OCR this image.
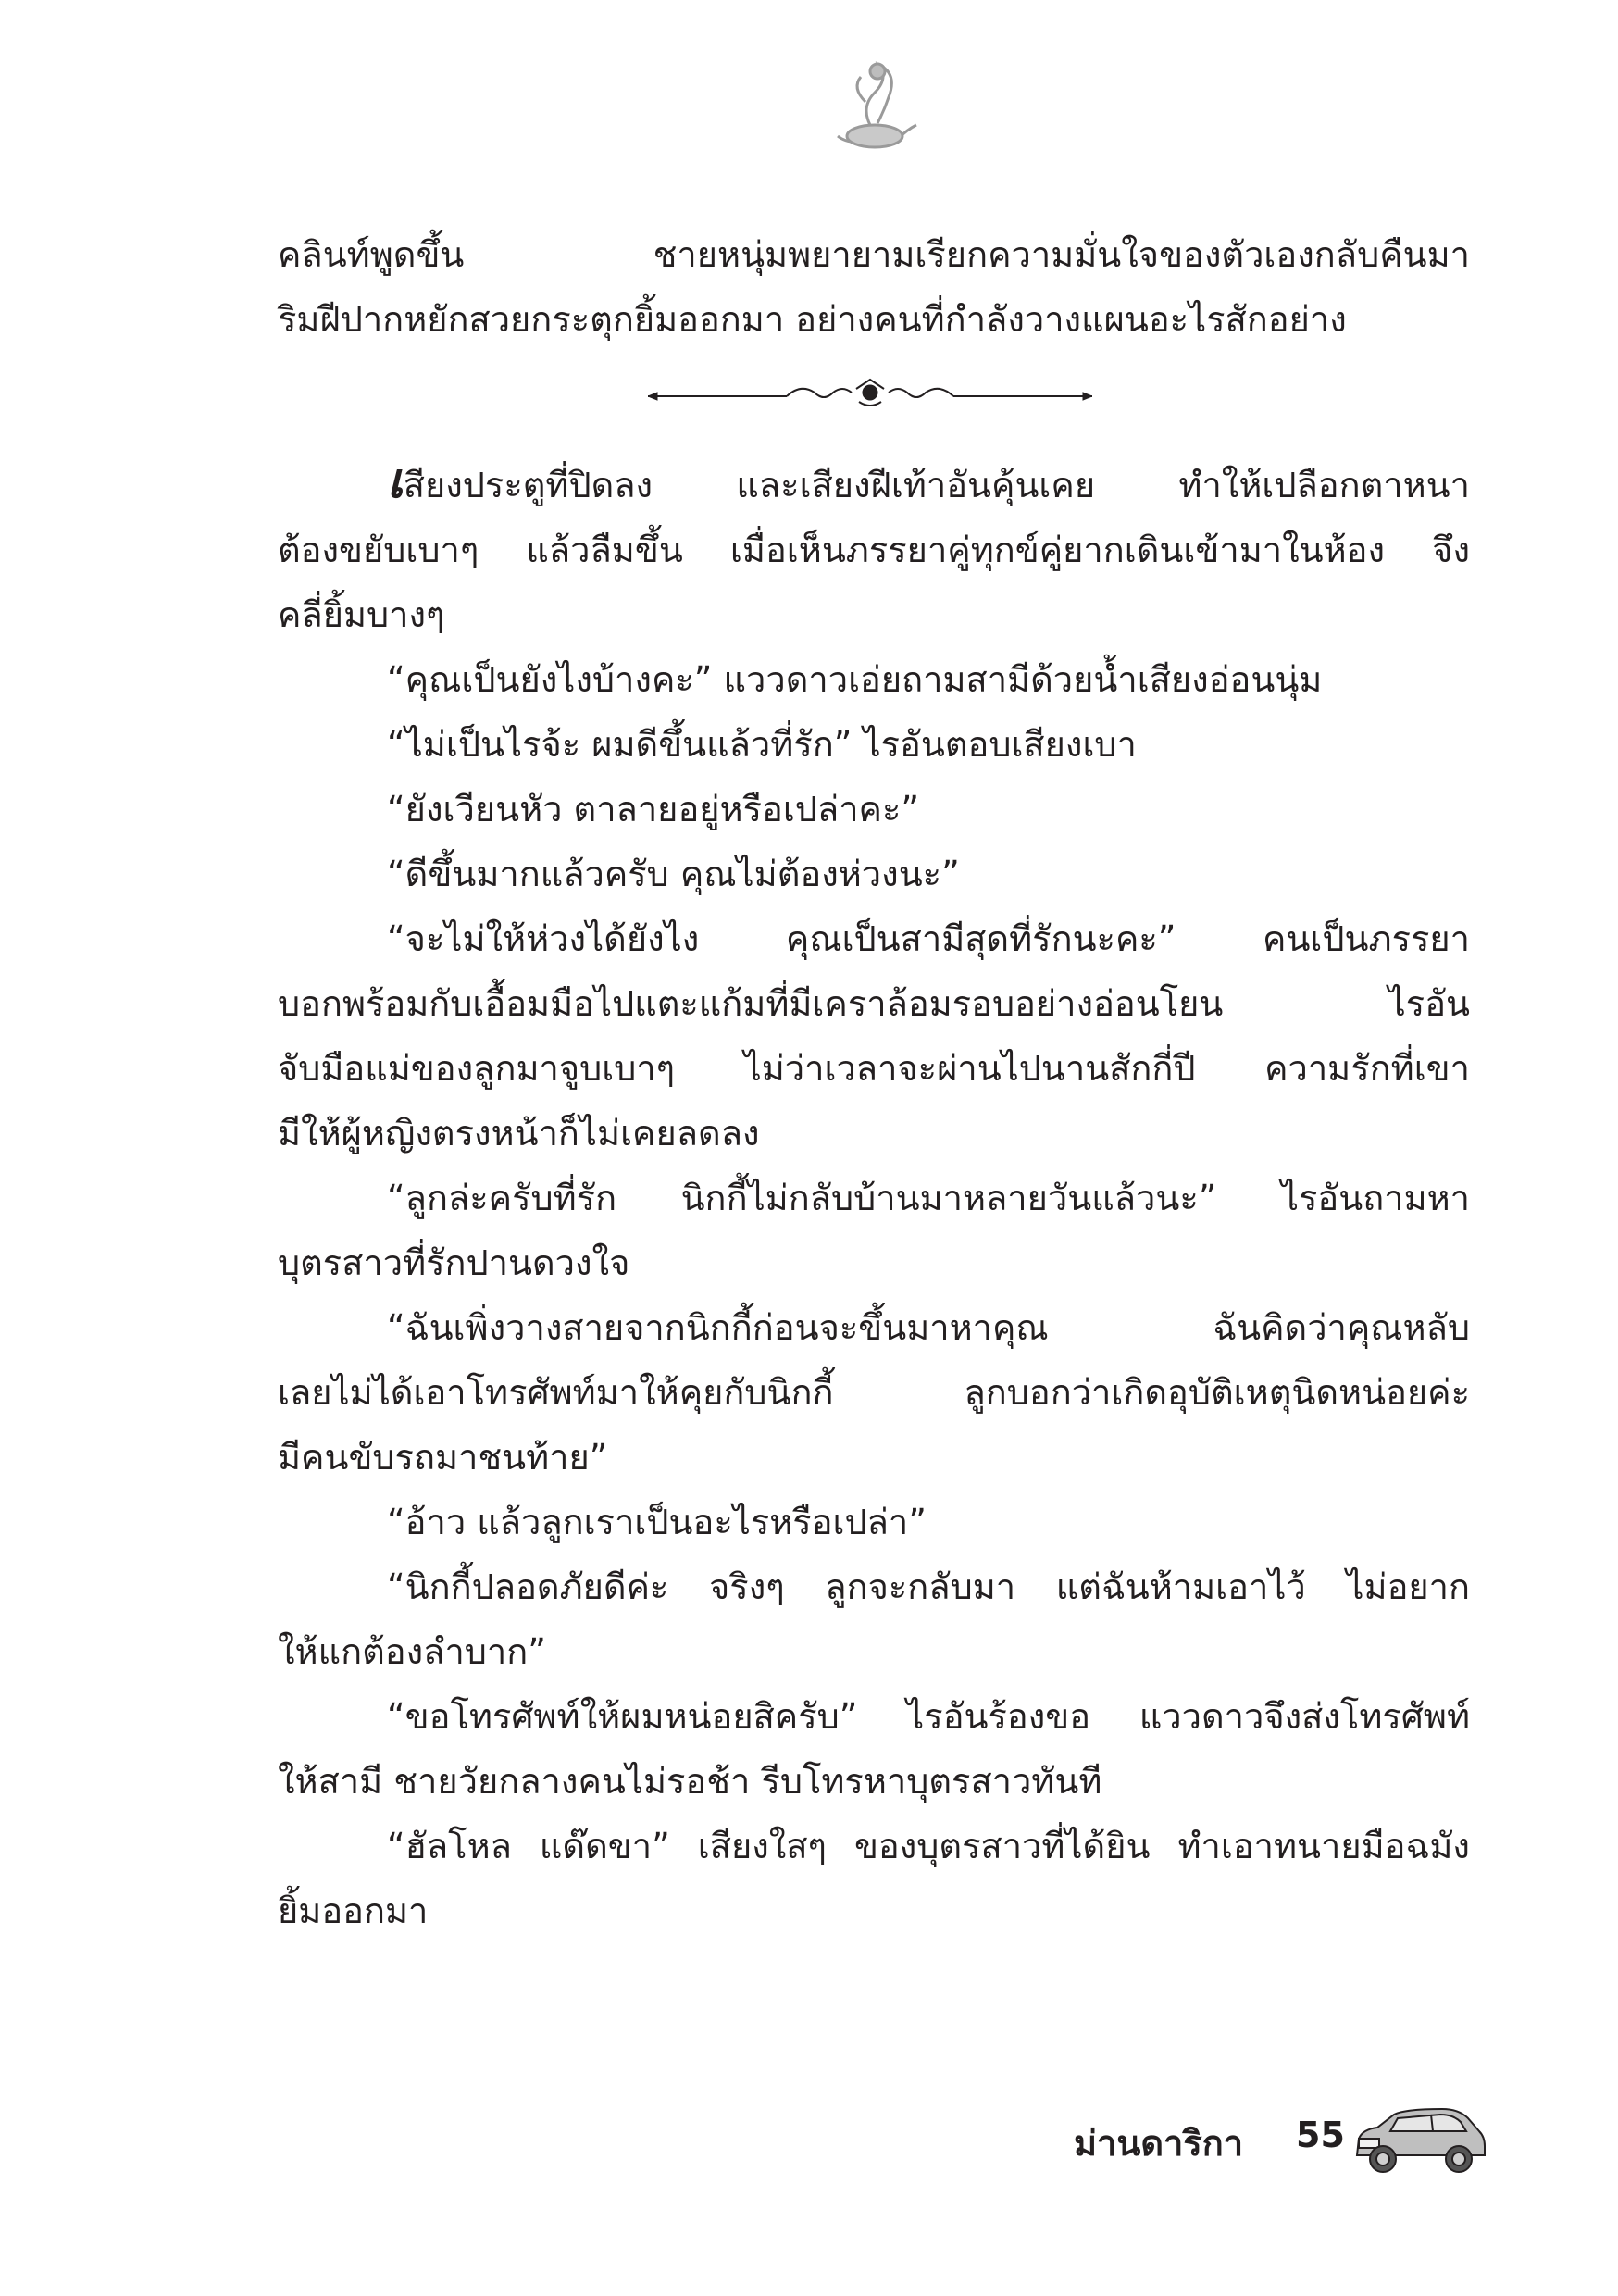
คลินท์พูดขึ้น ชายหนุ่มพยายามเรียกความมั่นใจของตัวเองกลับคืนมา
ริมฝีปากหยักสวยกระตุกยิ้มออกมา อย่างคนที่กำลังวางแผนอะไรสักอย่าง
เสียงประตูที่ปิดลง และเสียงฝีเท้าอันคุ้นเคย ทำให้เปลือกตาหนา
ต้องขยับเบาๆ แล้วลืมขึ้น เมื่อเห็นภรรยาคู่ทุกข์คู่ยากเดินเข้ามาในห้อง จึง
คลี่ยิ้มบางๆ
“คุณเป็นยังไงบ้างคะ” แววดาวเอ่ยถามสามีด้วยน้ำเสียงอ่อนนุ่ม
“ไม่เป็นไรจ้ะ ผมดีขึ้นแล้วที่รัก” ไรอันตอบเสียงเบา
“ยังเวียนหัว ตาลายอยู่หรือเปล่าคะ”
“ดีขึ้นมากแล้วครับ คุณไม่ต้องห่วงนะ”
“จะไม่ให้ห่วงได้ยังไง คุณเป็นสามีสุดที่รักนะคะ” คนเป็นภรรยา
บอกพร้อมกับเอื้อมมือไปแตะแก้มที่มีเคราล้อมรอบอย่างอ่อนโยน ไรอัน
จับมือแม่ของลูกมาจูบเบาๆ ไม่ว่าเวลาจะผ่านไปนานสักกี่ปี ความรักที่เขา
มีให้ผู้หญิงตรงหน้าก็ไม่เคยลดลง
“ลูกล่ะครับที่รัก นิกกี้ไม่กลับบ้านมาหลายวันแล้วนะ” ไรอันถามหา
บุตรสาวที่รักปานดวงใจ
“ฉันเพิ่งวางสายจากนิกกี้ก่อนจะขึ้นมาหาคุณ ฉันคิดว่าคุณหลับ
เลยไม่ได้เอาโทรศัพท์มาให้คุยกับนิกกี้ ลูกบอกว่าเกิดอุบัติเหตุนิดหน่อยค่ะ
มีคนขับรถมาชนท้าย”
“อ้าว แล้วลูกเราเป็นอะไรหรือเปล่า”
“นิกกี้ปลอดภัยดีค่ะ จริงๆ ลูกจะกลับมา แต่ฉันห้ามเอาไว้ ไม่อยาก
ให้แกต้องลำบาก”
“ขอโทรศัพท์ให้ผมหน่อยสิครับ” ไรอันร้องขอ แววดาวจึงส่งโทรศัพท์
ให้สามี ชายวัยกลางคนไม่รอช้า รีบโทรหาบุตรสาวทันที
“ฮัลโหล แด๊ดขา” เสียงใสๆ ของบุตรสาวที่ได้ยิน ทำเอาทนายมือฉมัง
ยิ้มออกมา
ม่านดาริกา 55
